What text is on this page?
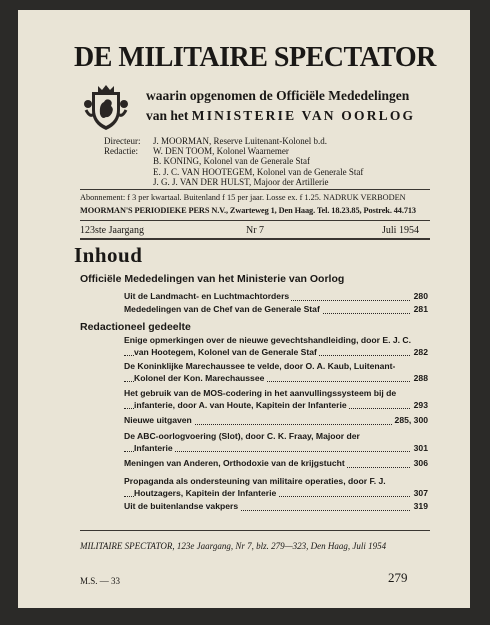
DE MILITAIRE SPECTATOR
waarin opgenomen de Officiële Mededelingen
van het MINISTERIE VAN OORLOG
Directeur: J. MOORMAN, Reserve Luitenant-Kolonel b.d.
Redactie: W. DEN TOOM, Kolonel Waarnemer
B. KONING, Kolonel van de Generale Staf
E. J. C. VAN HOOTEGEM, Kolonel van de Generale Staf
J. G. J. VAN DER HULST, Majoor der Artillerie
Abonnement: f 3 per kwartaal. Buitenland f 15 per jaar. Losse ex. f 1.25. NADRUK VERBODEN
MOORMAN'S PERIODIEKE PERS N.V., Zwarteweg 1, Den Haag. Tel. 18.23.85, Postrek. 44.713
123ste Jaargang	Nr 7	Juli 1954
Inhoud
Officiële Mededelingen van het Ministerie van Oorlog
Uit de Landmacht- en Luchtmachtorders	280
Mededelingen van de Chef van de Generale Staf	281
Redactioneel gedeelte
Enige opmerkingen over de nieuwe gevechtshandleiding, door E. J. C.
van Hootegem, Kolonel van de Generale Staf	282
De Koninklijke Marechaussee te velde, door O. A. Kaub, Luitenant-
Kolonel der Kon. Marechaussee	288
Het gebruik van de MOS-codering in het aanvullingssysteem bij de
infanterie, door A. van Houte, Kapitein der Infanterie	293
Nieuwe uitgaven	285, 300
De ABC-oorlogvoering (Slot), door C. K. Fraay, Majoor der
Infanterie	301
Meningen van Anderen, Orthodoxie van de krijgstucht	306
Propaganda als ondersteuning van militaire operaties, door F. J.
Houtzagers, Kapitein der Infanterie	307
Uit de buitenlandse vakpers	319
MILITAIRE SPECTATOR, 123e Jaargang, Nr 7, blz. 279—323, Den Haag, Juli 1954
M.S. — 33	279
